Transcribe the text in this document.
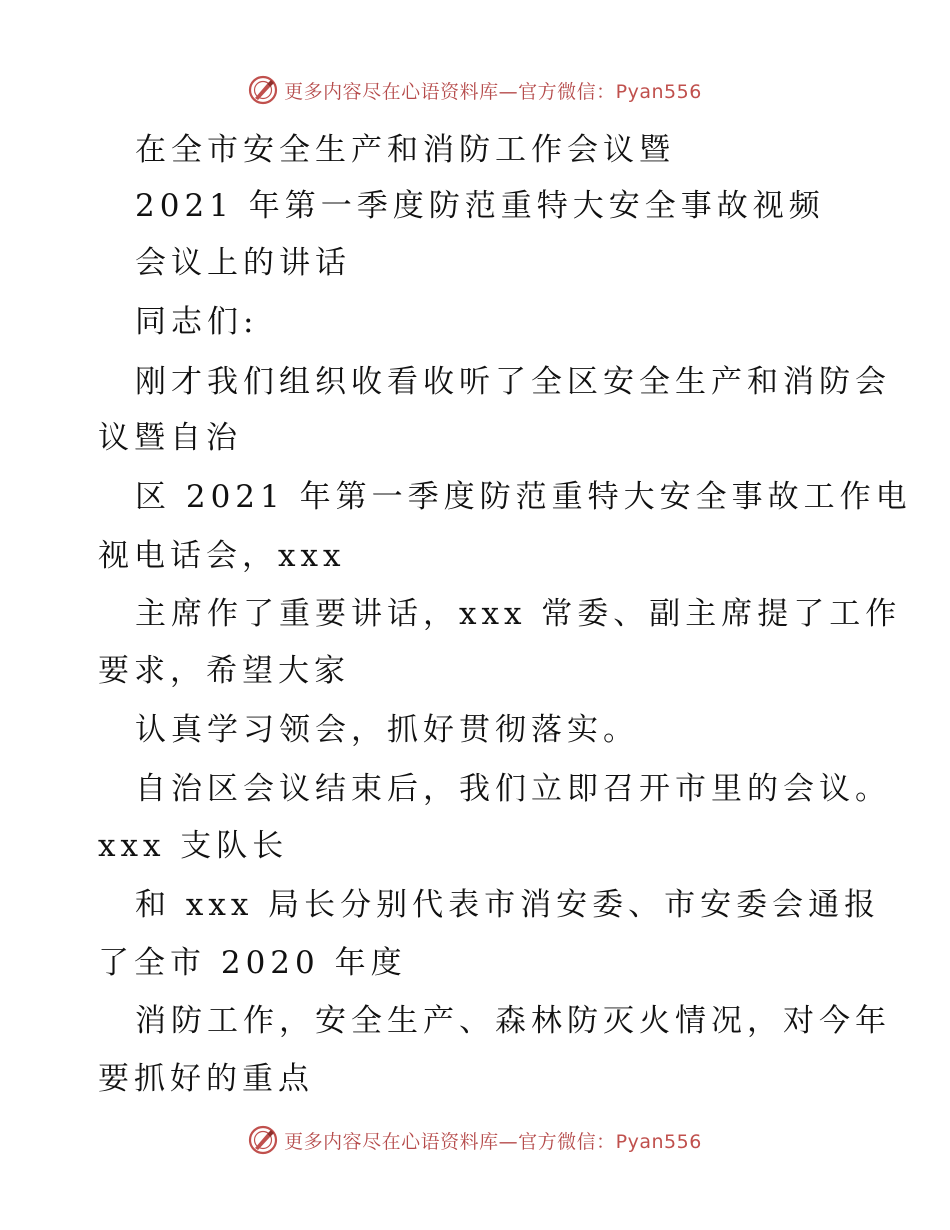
更多内容尽在心语资料库—官方微信：Pyan556
在全市安全生产和消防工作会议暨
2021 年第一季度防范重特大安全事故视频
会议上的讲话
同志们:
刚才我们组织收看收听了全区安全生产和消防会
议暨自治
区 2021 年第一季度防范重特大安全事故工作电
视电话会，xxx
主席作了重要讲话，xxx 常委、副主席提了工作
要求，希望大家
认真学习领会，抓好贯彻落实。
自治区会议结束后，我们立即召开市里的会议。
xxx 支队长
和 xxx 局长分别代表市消安委、市安委会通报
了全市 2020 年度
消防工作，安全生产、森林防灭火情况，对今年
要抓好的重点
更多内容尽在心语资料库—官方微信：Pyan556
